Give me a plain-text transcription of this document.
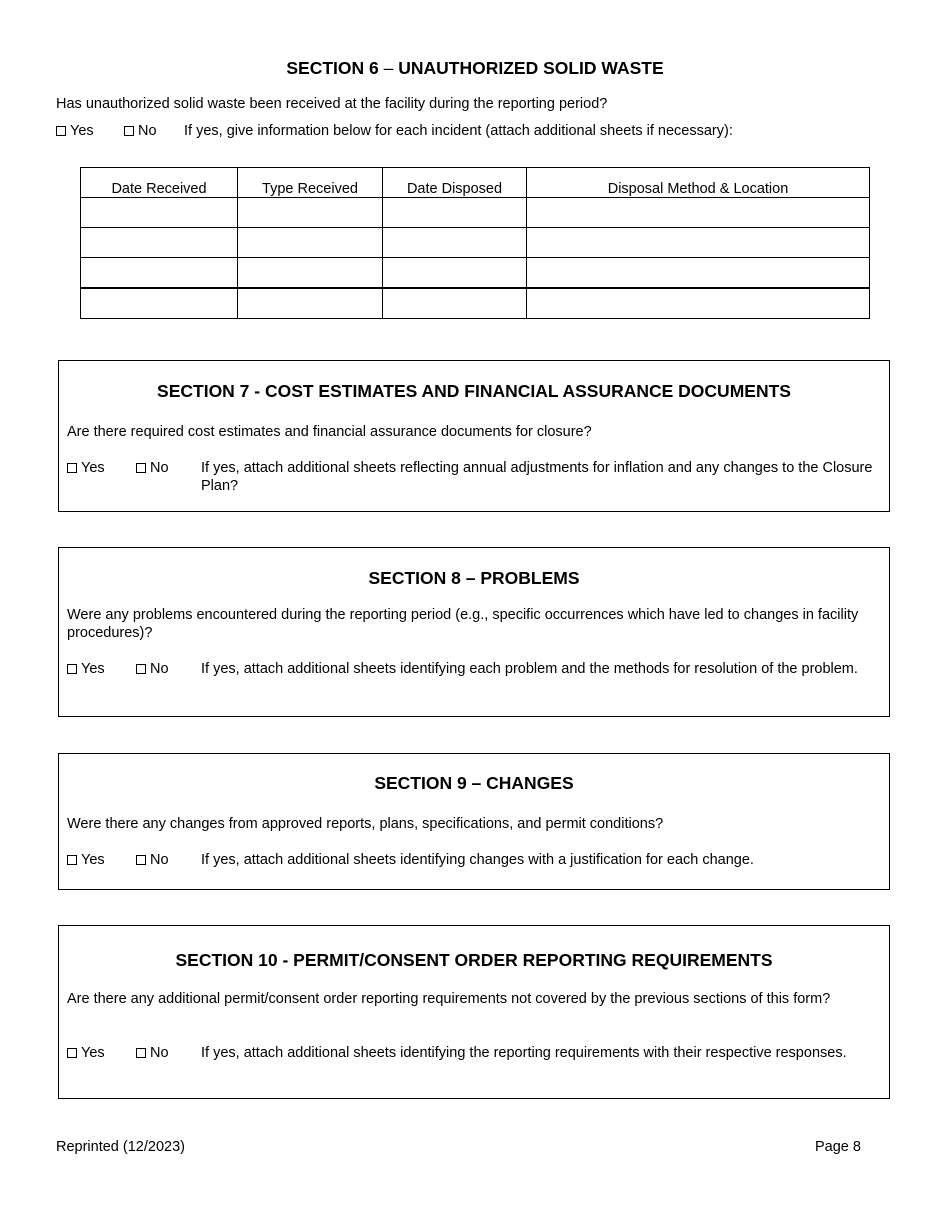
SECTION 6 – UNAUTHORIZED SOLID WASTE
Has unauthorized solid waste been received at the facility during the reporting period?
Yes	No If yes, give information below for each incident (attach additional sheets if necessary):
Date Received	Type Received	Date Disposed	Disposal Method & Location

SECTION 7 - COST ESTIMATES AND FINANCIAL ASSURANCE DOCUMENTS
Are there required cost estimates and financial assurance documents for closure?
Yes	No If yes, attach additional sheets reflecting annual adjustments for inflation and any changes to the Closure Plan?
SECTION 8 – PROBLEMS
Were any problems encountered during the reporting period (e.g., specific occurrences which have led to changes in facility procedures)?
Yes	No If yes, attach additional sheets identifying each problem and the methods for resolution of the problem.
SECTION 9 – CHANGES
Were there any changes from approved reports, plans, specifications, and permit conditions?
Yes	No If yes, attach additional sheets identifying changes with a justification for each change.
SECTION 10 - PERMIT/CONSENT ORDER REPORTING REQUIREMENTS
Are there any additional permit/consent order reporting requirements not covered by the previous sections of this form?
Yes	No If yes, attach additional sheets identifying the reporting requirements with their respective responses.
Reprinted (12/2023)	Page 8
